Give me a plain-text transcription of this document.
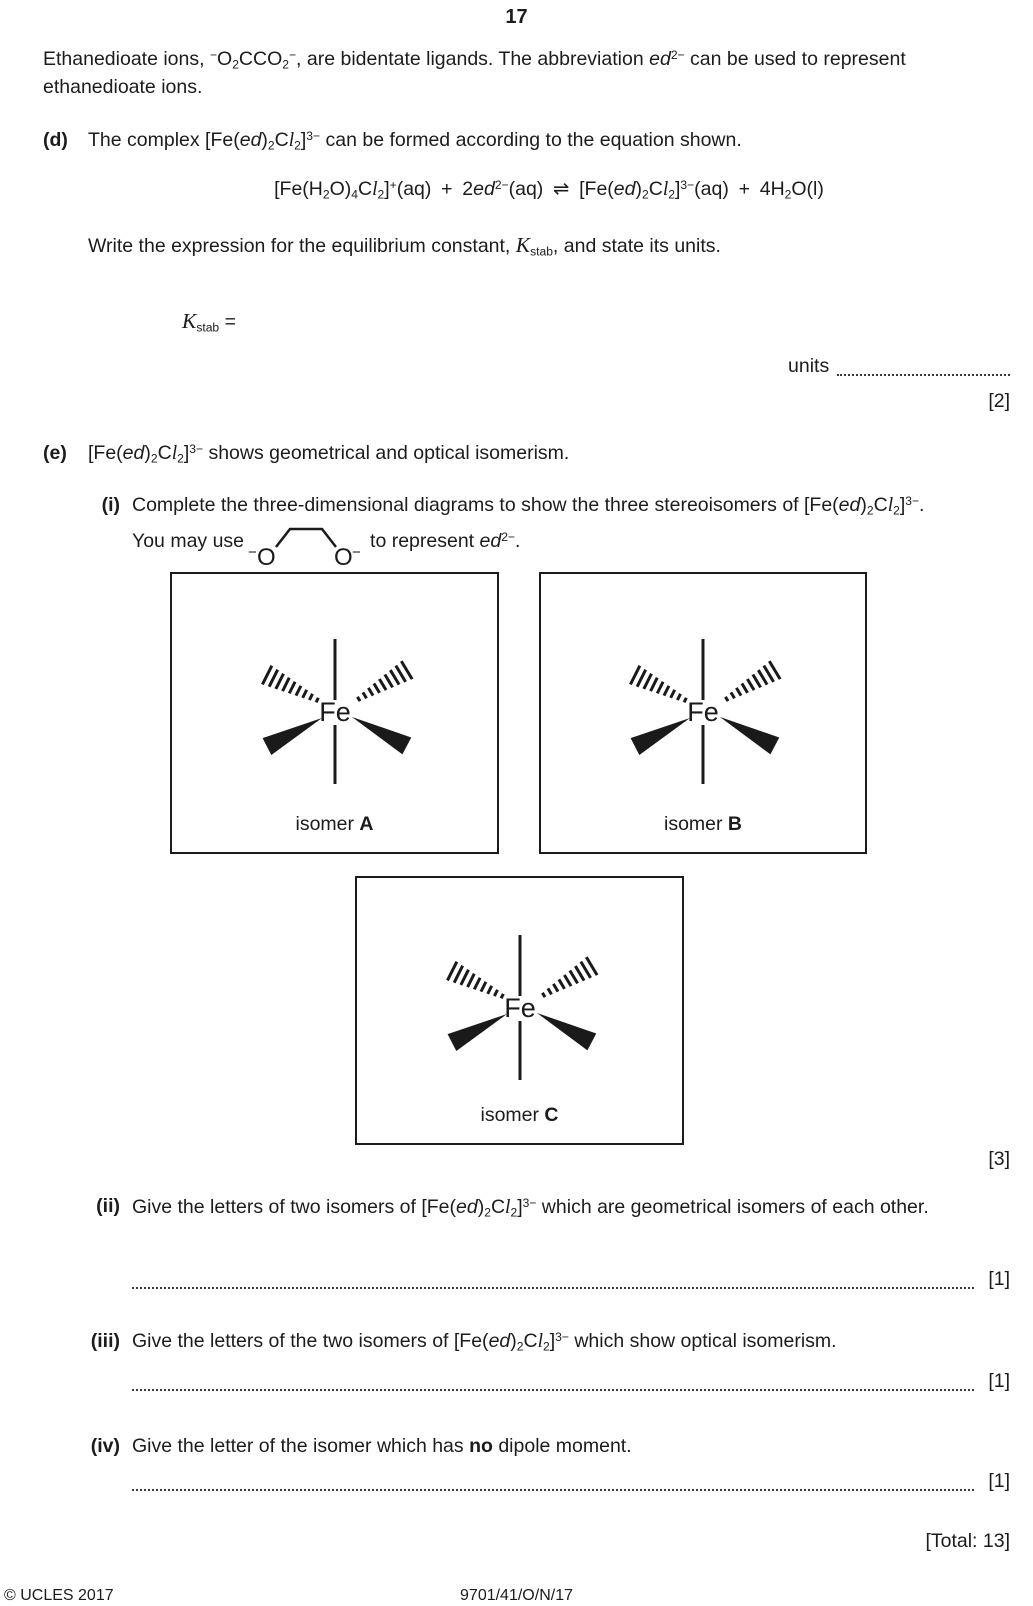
17
Ethanedioate ions, $^-O_2CCO_2^-$, are bidentate ligands. The abbreviation $ed^{2-}$ can be used to represent ethanedioate ions.
(d) The complex $[Fe(ed)_2Cl_2]^{3-}$ can be formed according to the equation shown.
$[Fe(H_2O)_4Cl_2]^+(aq)$ + $2ed^{2-}(aq)$ ⇌ $[Fe(ed)_2Cl_2]^{3-}(aq)$ + $4H_2O(l)$
Write the expression for the equilibrium constant, $K_{stab}$, and state its units.
$K_{stab}$ =
units
[2]
(e) $[Fe(ed)_2Cl_2]^{3-}$ shows geometrical and optical isomerism.
(i) Complete the three-dimensional diagrams to show the three stereoisomers of $[Fe(ed)_2Cl_2]^{3-}$.
You may use
− O O −
to represent $ed^{2-}$.
Fe
isomer A
Fe
isomer B
Fe
isomer C
[3]
(ii) Give the letters of two isomers of $[Fe(ed)_2Cl_2]^{3-}$ which are geometrical isomers of each other.
[1]
(iii) Give the letters of the two isomers of $[Fe(ed)_2Cl_2]^{3-}$ which show optical isomerism.
[1]
(iv) Give the letter of the isomer which has no dipole moment.
[1]
[Total: 13]
© UCLES 2017	9701/41/O/N/17
